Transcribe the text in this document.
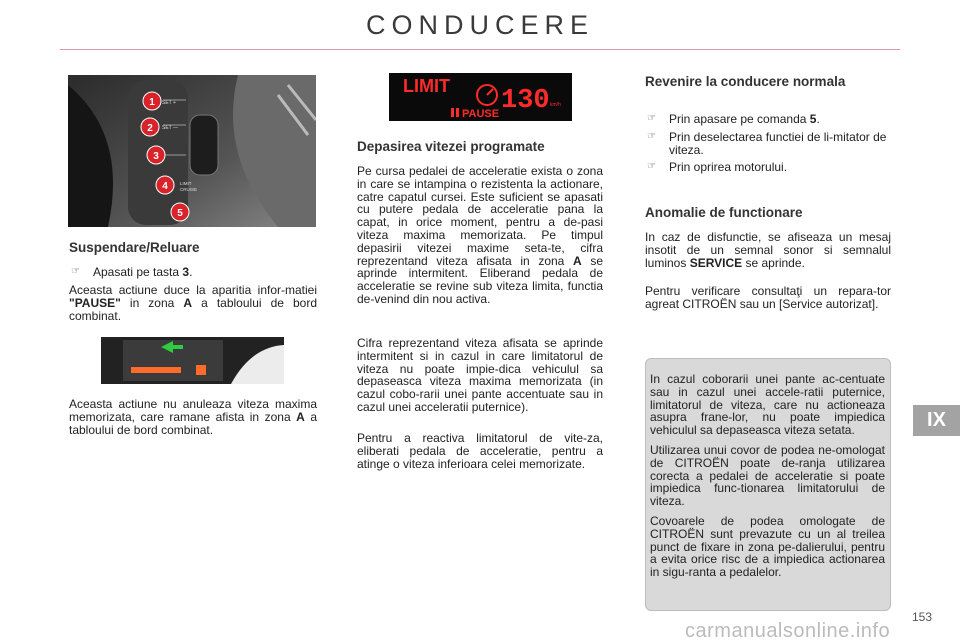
CONDUCERE
SET +
SET —
LIMIT
CRUISE
1
2
3
4
5
Suspendare/Reluare
☞	Apasati pe tasta 3.
Aceasta actiune duce la aparitia infor-matiei "PAUSE" in zona A a tabloului de bord combinat.
Aceasta actiune nu anuleaza viteza maxima memorizata, care ramane afista in zona A a tabloului de bord combinat.
LIMIT 130 km/h
PAUSE
Depasirea vitezei programate
Pe cursa pedalei de acceleratie exista o zona in care se intampina o rezistenta la actionare, catre capatul cursei. Este suficient se apasati cu putere pedala de acceleratie pana la capat, in orice moment, pentru a de-pasi viteza maxima memorizata. Pe timpul depasirii vitezei maxime seta-te, cifra reprezentand viteza afisata in zona A se aprinde intermitent. Eliberand pedala de acceleratie se revine sub viteza limita, functia de-venind din nou activa.
Cifra reprezentand viteza afisata se aprinde intermitent si in cazul in care limitatorul de viteza nu poate impie-dica vehiculul sa depaseasca viteza maxima memorizata (in cazul cobo-rarii unei pante accentuate sau in cazul unei acceleratii puternice).
Pentru a reactiva limitatorul de vite-za, eliberati pedala de acceleratie, pentru a atinge o viteza inferioara celei memorizate.
Revenire la conducere normala
☞	Prin apasare pe comanda 5.
☞	Prin deselectarea functiei de li-mitator de viteza.
☞	Prin oprirea motorului.
Anomalie de functionare
In caz de disfunctie, se afiseaza un mesaj insotit de un semnal sonor si semnalul luminos SERVICE se aprinde.
Pentru verificare consultaţi un repara-tor agreat CITROËN sau un [Service autorizat].
In cazul coborarii unei pante ac-centuate sau in cazul unei accele-ratii puternice, limitatorul de viteza, care nu actioneaza asupra frane-lor, nu poate impiedica vehiculul sa depaseasca viteza setata.
Utilizarea unui covor de podea ne-omologat de CITROËN poate de-ranja utilizarea corecta a pedalei de acceleratie si poate impiedica func-tionarea limitatorului de viteza.
Covoarele de podea omologate de CITROËN sunt prevazute cu un al treilea punct de fixare in zona pe-dalierului, pentru a evita orice risc de a impiedica actionarea in sigu-ranta a pedalelor.
IX
153
carmanualsonline.info
